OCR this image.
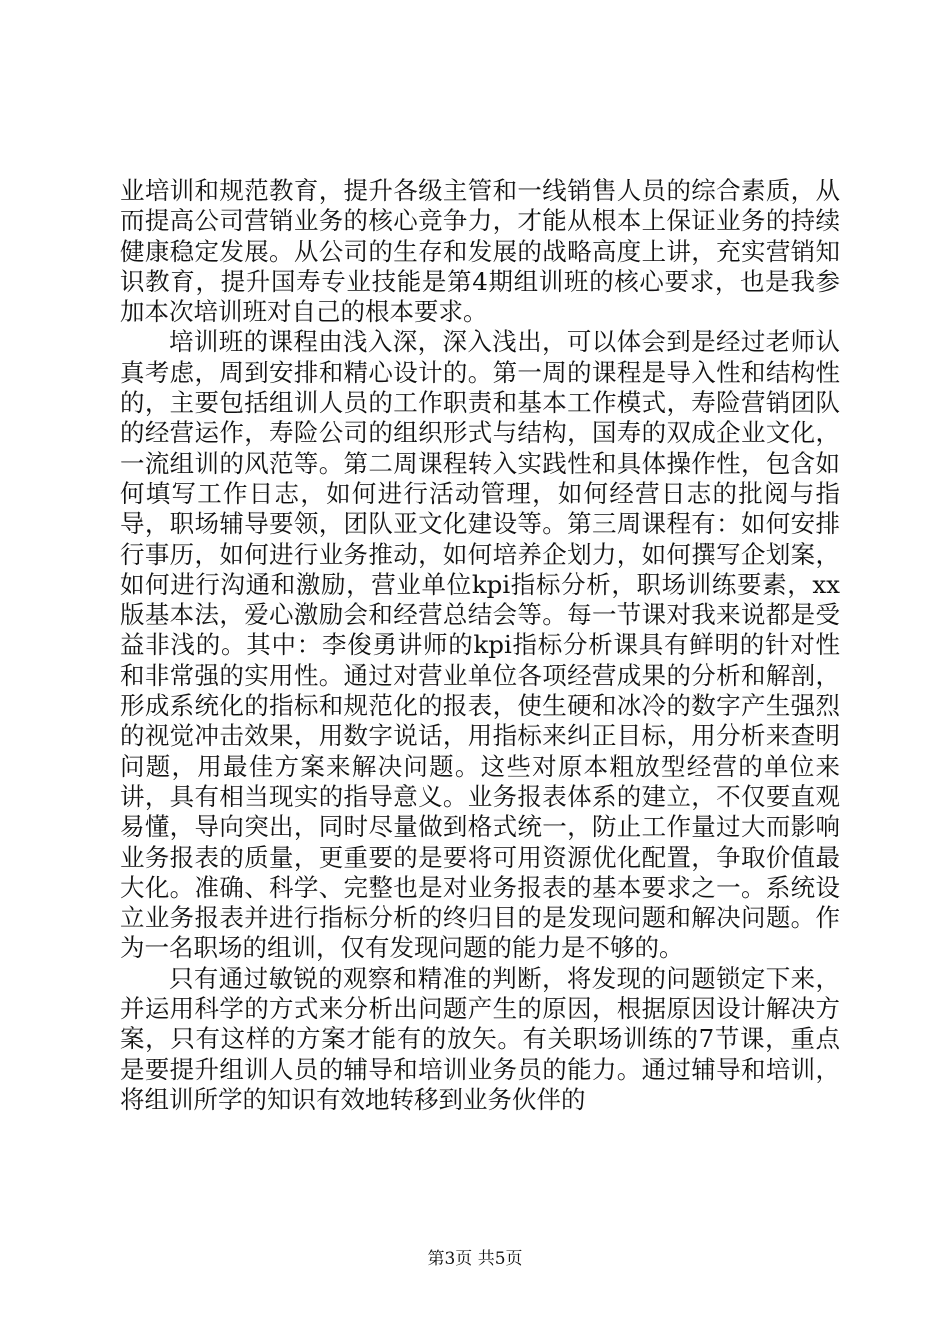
业培训和规范教育，提升各级主管和一线销售人员的综合素质，从而提高公司营销业务的核心竞争力，才能从根本上保证业务的持续健康稳定发展。从公司的生存和发展的战略高度上讲，充实营销知识教育，提升国寿专业技能是第4期组训班的核心要求，也是我参加本次培训班对自己的根本要求。

培训班的课程由浅入深，深入浅出，可以体会到是经过老师认真考虑，周到安排和精心设计的。第一周的课程是导入性和结构性的，主要包括组训人员的工作职责和基本工作模式，寿险营销团队的经营运作，寿险公司的组织形式与结构，国寿的双成企业文化，一流组训的风范等。第二周课程转入实践性和具体操作性，包含如何填写工作日志，如何进行活动管理，如何经营日志的批阅与指导，职场辅导要领，团队亚文化建设等。第三周课程有：如何安排行事历，如何进行业务推动，如何培养企划力，如何撰写企划案，如何进行沟通和激励，营业单位kpi指标分析，职场训练要素，xx版基本法，爱心激励会和经营总结会等。每一节课对我来说都是受益非浅的。其中：李俊勇讲师的kpi指标分析课具有鲜明的针对性和非常强的实用性。通过对营业单位各项经营成果的分析和解剖，形成系统化的指标和规范化的报表，使生硬和冰冷的数字产生强烈的视觉冲击效果，用数字说话，用指标来纠正目标，用分析来查明问题，用最佳方案来解决问题。这些对原本粗放型经营的单位来讲，具有相当现实的指导意义。业务报表体系的建立，不仅要直观易懂，导向突出，同时尽量做到格式统一，防止工作量过大而影响业务报表的质量，更重要的是要将可用资源优化配置，争取价值最大化。准确、科学、完整也是对业务报表的基本要求之一。系统设立业务报表并进行指标分析的终归目的是发现问题和解决问题。作为一名职场的组训，仅有发现问题的能力是不够的。

只有通过敏锐的观察和精准的判断，将发现的问题锁定下来，并运用科学的方式来分析出问题产生的原因，根据原因设计解决方案，只有这样的方案才能有的放矢。有关职场训练的7节课，重点是要提升组训人员的辅导和培训业务员的能力。通过辅导和培训，将组训所学的知识有效地转移到业务伙伴的

第3页 共5页
